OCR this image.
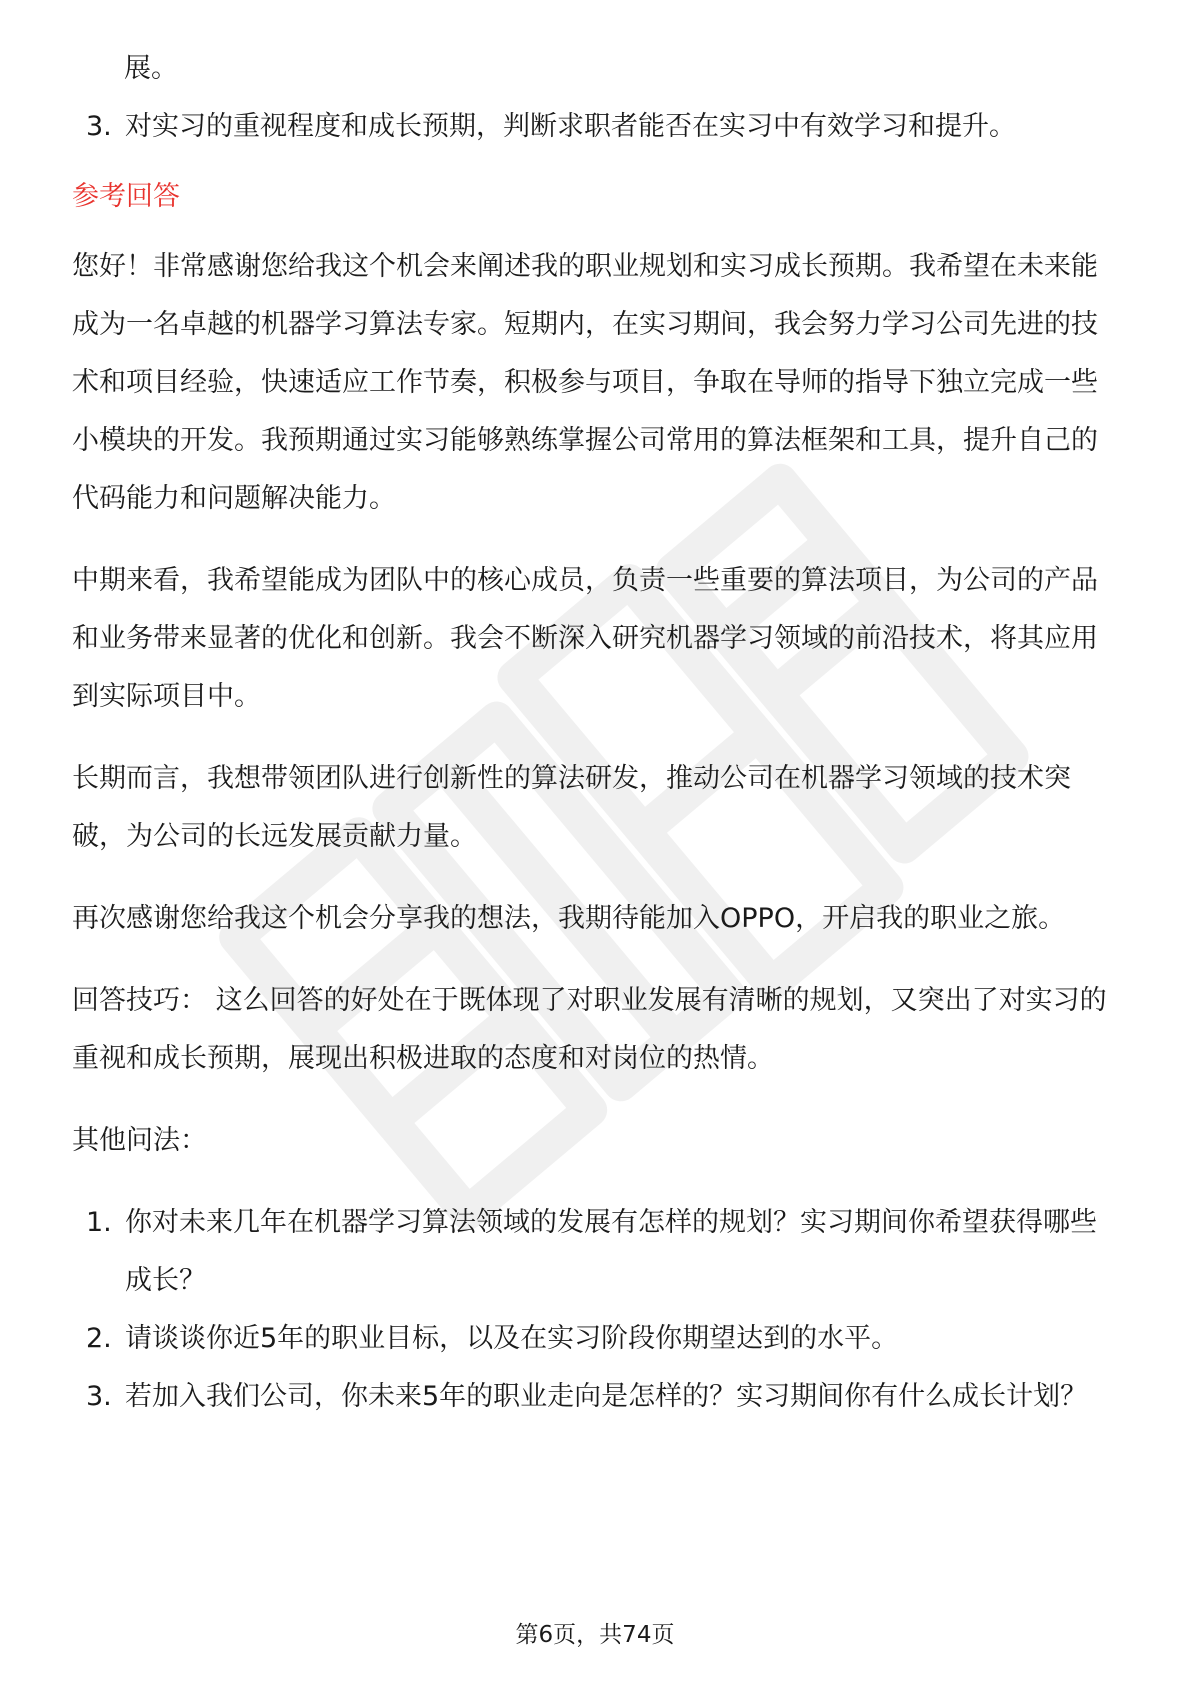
展。

3. 对实习的重视程度和成长预期，判断求职者能否在实习中有效学习和提升。

参考回答

您好！非常感谢您给我这个机会来阐述我的职业规划和实习成长预期。我希望在未来能成为一名卓越的机器学习算法专家。短期内，在实习期间，我会努力学习公司先进的技术和项目经验，快速适应工作节奏，积极参与项目，争取在导师的指导下独立完成一些小模块的开发。我预期通过实习能够熟练掌握公司常用的算法框架和工具，提升自己的代码能力和问题解决能力。

中期来看，我希望能成为团队中的核心成员，负责一些重要的算法项目，为公司的产品和业务带来显著的优化和创新。我会不断深入研究机器学习领域的前沿技术，将其应用到实际项目中。

长期而言，我想带领团队进行创新性的算法研发，推动公司在机器学习领域的技术突破，为公司的长远发展贡献力量。

再次感谢您给我这个机会分享我的想法，我期待能加入OPPO，开启我的职业之旅。

回答技巧： 这么回答的好处在于既体现了对职业发展有清晰的规划，又突出了对实习的重视和成长预期，展现出积极进取的态度和对岗位的热情。

其他问法：

1. 你对未来几年在机器学习算法领域的发展有怎样的规划？实习期间你希望获得哪些成长？
2. 请谈谈你近5年的职业目标，以及在实习阶段你期望达到的水平。
3. 若加入我们公司，你未来5年的职业走向是怎样的？实习期间你有什么成长计划？
第6页，共74页
